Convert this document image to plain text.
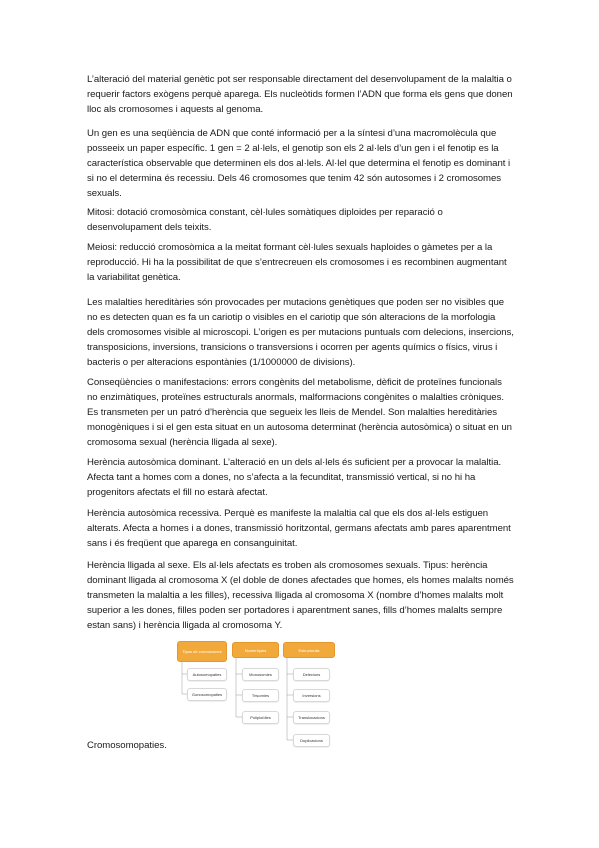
L’alteració del material genètic pot ser responsable directament del desenvolupament de la malaltia o requerir factors exògens perquè aparega. Els nucleòtids formen l’ADN que forma els gens que donen lloc als cromosomes i aquests al genoma.

Un gen es una seqüència de ADN que conté informació per a la síntesi d’una macromolècula que posseeix un paper específic. 1 gen = 2 al·lels, el genotip son els 2 al·lels d’un gen i el fenotip es la característica observable que determinen els dos al·lels. Al·lel que determina el fenotip es dominant i si no el determina és recessiu. Dels 46 cromosomes que tenim 42 són autosomes i 2 cromosomes sexuals.

Mitosi: dotació cromosòmica constant, cèl·lules somàtiques diploides per reparació o desenvolupament dels teixits.

Meiosi: reducció cromosòmica a la meitat formant cèl·lules sexuals haploides o gàmetes per a la reproducció. Hi ha la possibilitat de que s’entrecreuen els cromosomes i es recombinen augmentant la variabilitat genètica.

Les malalties hereditàries són provocades per mutacions genètiques que poden ser no visibles que no es detecten quan es fa un cariotip o visibles en el cariotip que són alteracions de la morfologia dels cromosomes visible al microscopi. L’origen es per mutacions puntuals com delecions, insercions, transposicions, inversions, transicions o transversions i ocorren per agents químics o físics, virus i bacteris o per alteracions espontànies (1/1000000 de divisions).

Conseqüències o manifestacions: errors congènits del metabolisme, dèficit de proteïnes funcionals no enzimàtiques, proteïnes estructurals anormals, malformacions congènites o malalties cròniques. Es transmeten per un patró d’herència que segueix les lleis de Mendel. Son malalties hereditàries monogèniques i si el gen esta situat en un autosoma determinat (herència autosòmica) o situat en un cromosoma sexual (herència lligada al sexe).

Herència autosòmica dominant. L’alteració en un dels al·lels és suficient per a provocar la malaltia. Afecta tant a homes com a dones, no s’afecta a la fecunditat, transmissió vertical, si no hi ha progenitors afectats el fill no estarà afectat.

Herència autosòmica recessiva. Perquè es manifeste la malaltia cal que els dos al·lels estiguen alterats. Afecta a homes i a dones, transmissió horitzontal, germans afectats amb pares aparentment sans i és freqüent que aparega en consanguinitat.

Herència lligada al sexe. Els al·lels afectats es troben als cromosomes sexuals. Tipus: herència dominant lligada al cromosoma X (el doble de dones afectades que homes, els homes malalts només transmeten la malaltia a les filles), recessiva lligada al cromosoma X (nombre d’homes malalts molt superior a les dones, filles poden ser portadores i aparentment sanes, fills d’homes malalts sempre estan sans) i herència lligada al cromosoma Y.

Tipus de cromosomes
Autosomopaties
Gonosomopaties
Numèriques
Monosomies
Trisomies
Poliploïdies
Estructurals
Delecions
Inversions
Translocacions
Duplicacions

Cromosomopaties.
